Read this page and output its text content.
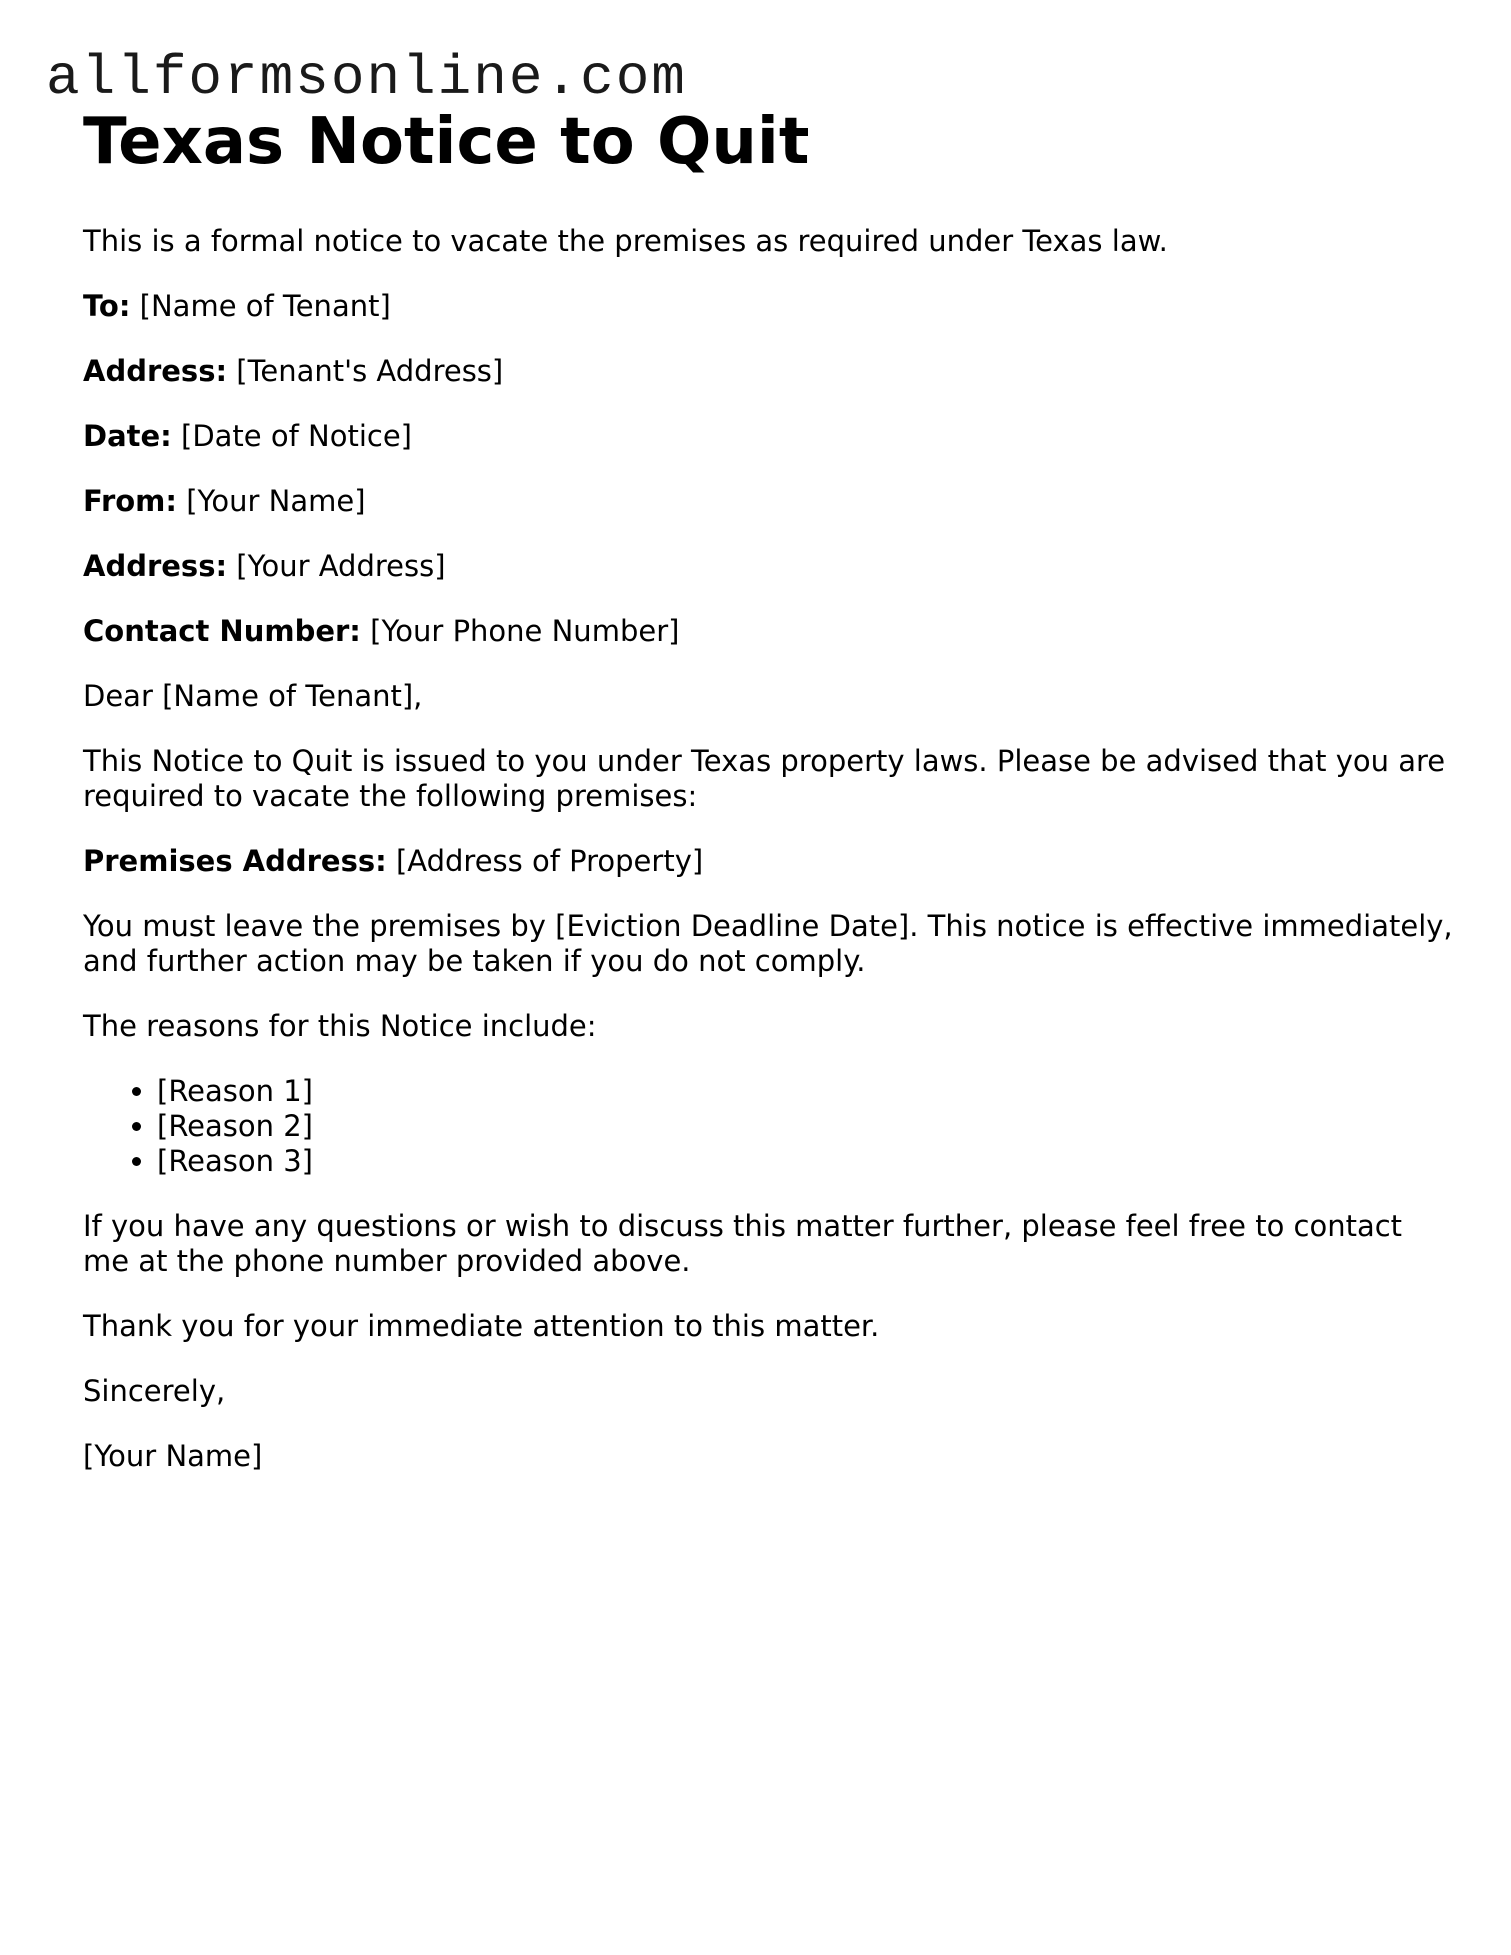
allformsonline.com
Texas Notice to Quit

This is a formal notice to vacate the premises as required under Texas law.

To: [Name of Tenant]

Address: [Tenant's Address]

Date: [Date of Notice]

From: [Your Name]

Address: [Your Address]

Contact Number: [Your Phone Number]

Dear [Name of Tenant],

This Notice to Quit is issued to you under Texas property laws. Please be advised that you are required to vacate the following premises:

Premises Address: [Address of Property]

You must leave the premises by [Eviction Deadline Date]. This notice is effective immediately, and further action may be taken if you do not comply.

The reasons for this Notice include:

• [Reason 1]
• [Reason 2]
• [Reason 3]

If you have any questions or wish to discuss this matter further, please feel free to contact me at the phone number provided above.

Thank you for your immediate attention to this matter.

Sincerely,

[Your Name]
